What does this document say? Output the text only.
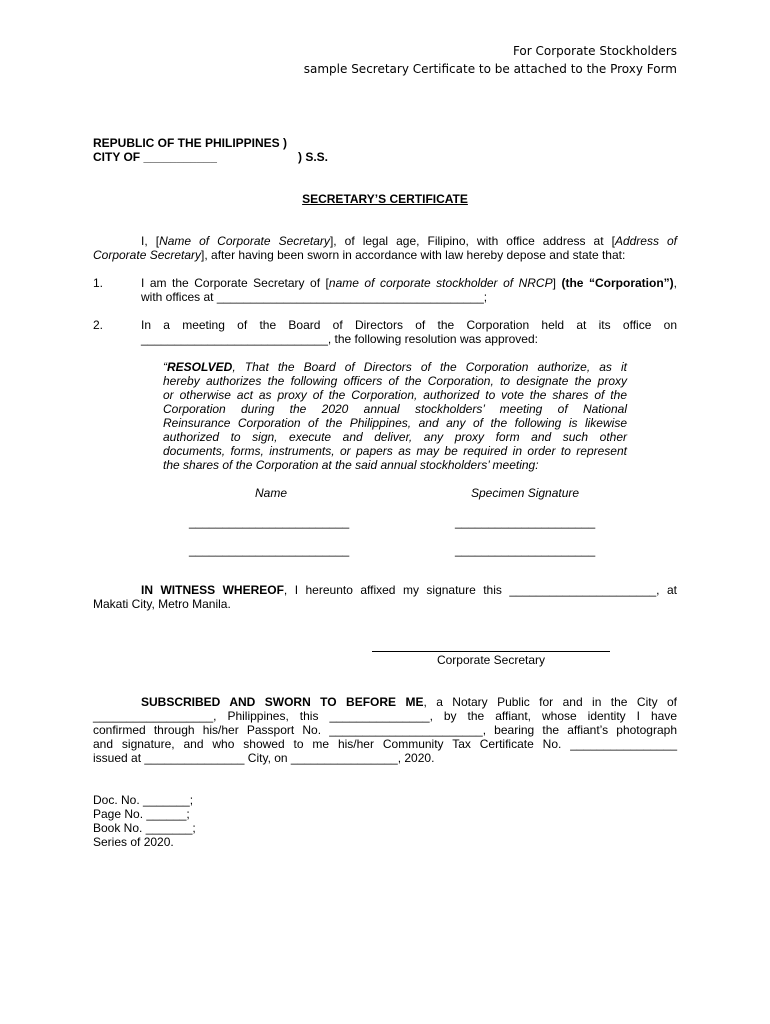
For Corporate Stockholders
sample Secretary Certificate to be attached to the Proxy Form
REPUBLIC OF THE PHILIPPINES )
CITY OF ___________	) S.S.
SECRETARY’S CERTIFICATE
I, [Name of Corporate Secretary], of legal age, Filipino, with office address at [Address of
Corporate Secretary], after having been sworn in accordance with law hereby depose and state that:
1.	I am the Corporate Secretary of [name of corporate stockholder of NRCP] (the “Corporation”),
with offices at ________________________________________;
2.	In a meeting of the Board of Directors of the Corporation held at its office on
____________________________, the following resolution was approved:
“RESOLVED, That the Board of Directors of the Corporation authorize, as it
hereby authorizes the following officers of the Corporation, to designate the proxy
or otherwise act as proxy of the Corporation, authorized to vote the shares of the
Corporation during the 2020 annual stockholders’ meeting of National
Reinsurance Corporation of the Philippines, and any of the following is likewise
authorized to sign, execute and deliver, any proxy form and such other
documents, forms, instruments, or papers as may be required in order to represent
the shares of the Corporation at the said annual stockholders’ meeting:
Name	Specimen Signature
________________________	_____________________
________________________	_____________________
IN WITNESS WHEREOF, I hereunto affixed my signature this ______________________, at
Makati City, Metro Manila.
Corporate Secretary
SUBSCRIBED AND SWORN TO BEFORE ME, a Notary Public for and in the City of
__________________, Philippines, this _______________, by the affiant, whose identity I have
confirmed through his/her Passport No. _______________________, bearing the affiant’s photograph
and signature, and who showed to me his/her Community Tax Certificate No. ________________
issued at _______________ City, on ________________, 2020.
Doc. No. _______;
Page No. ______;
Book No. _______;
Series of 2020.
